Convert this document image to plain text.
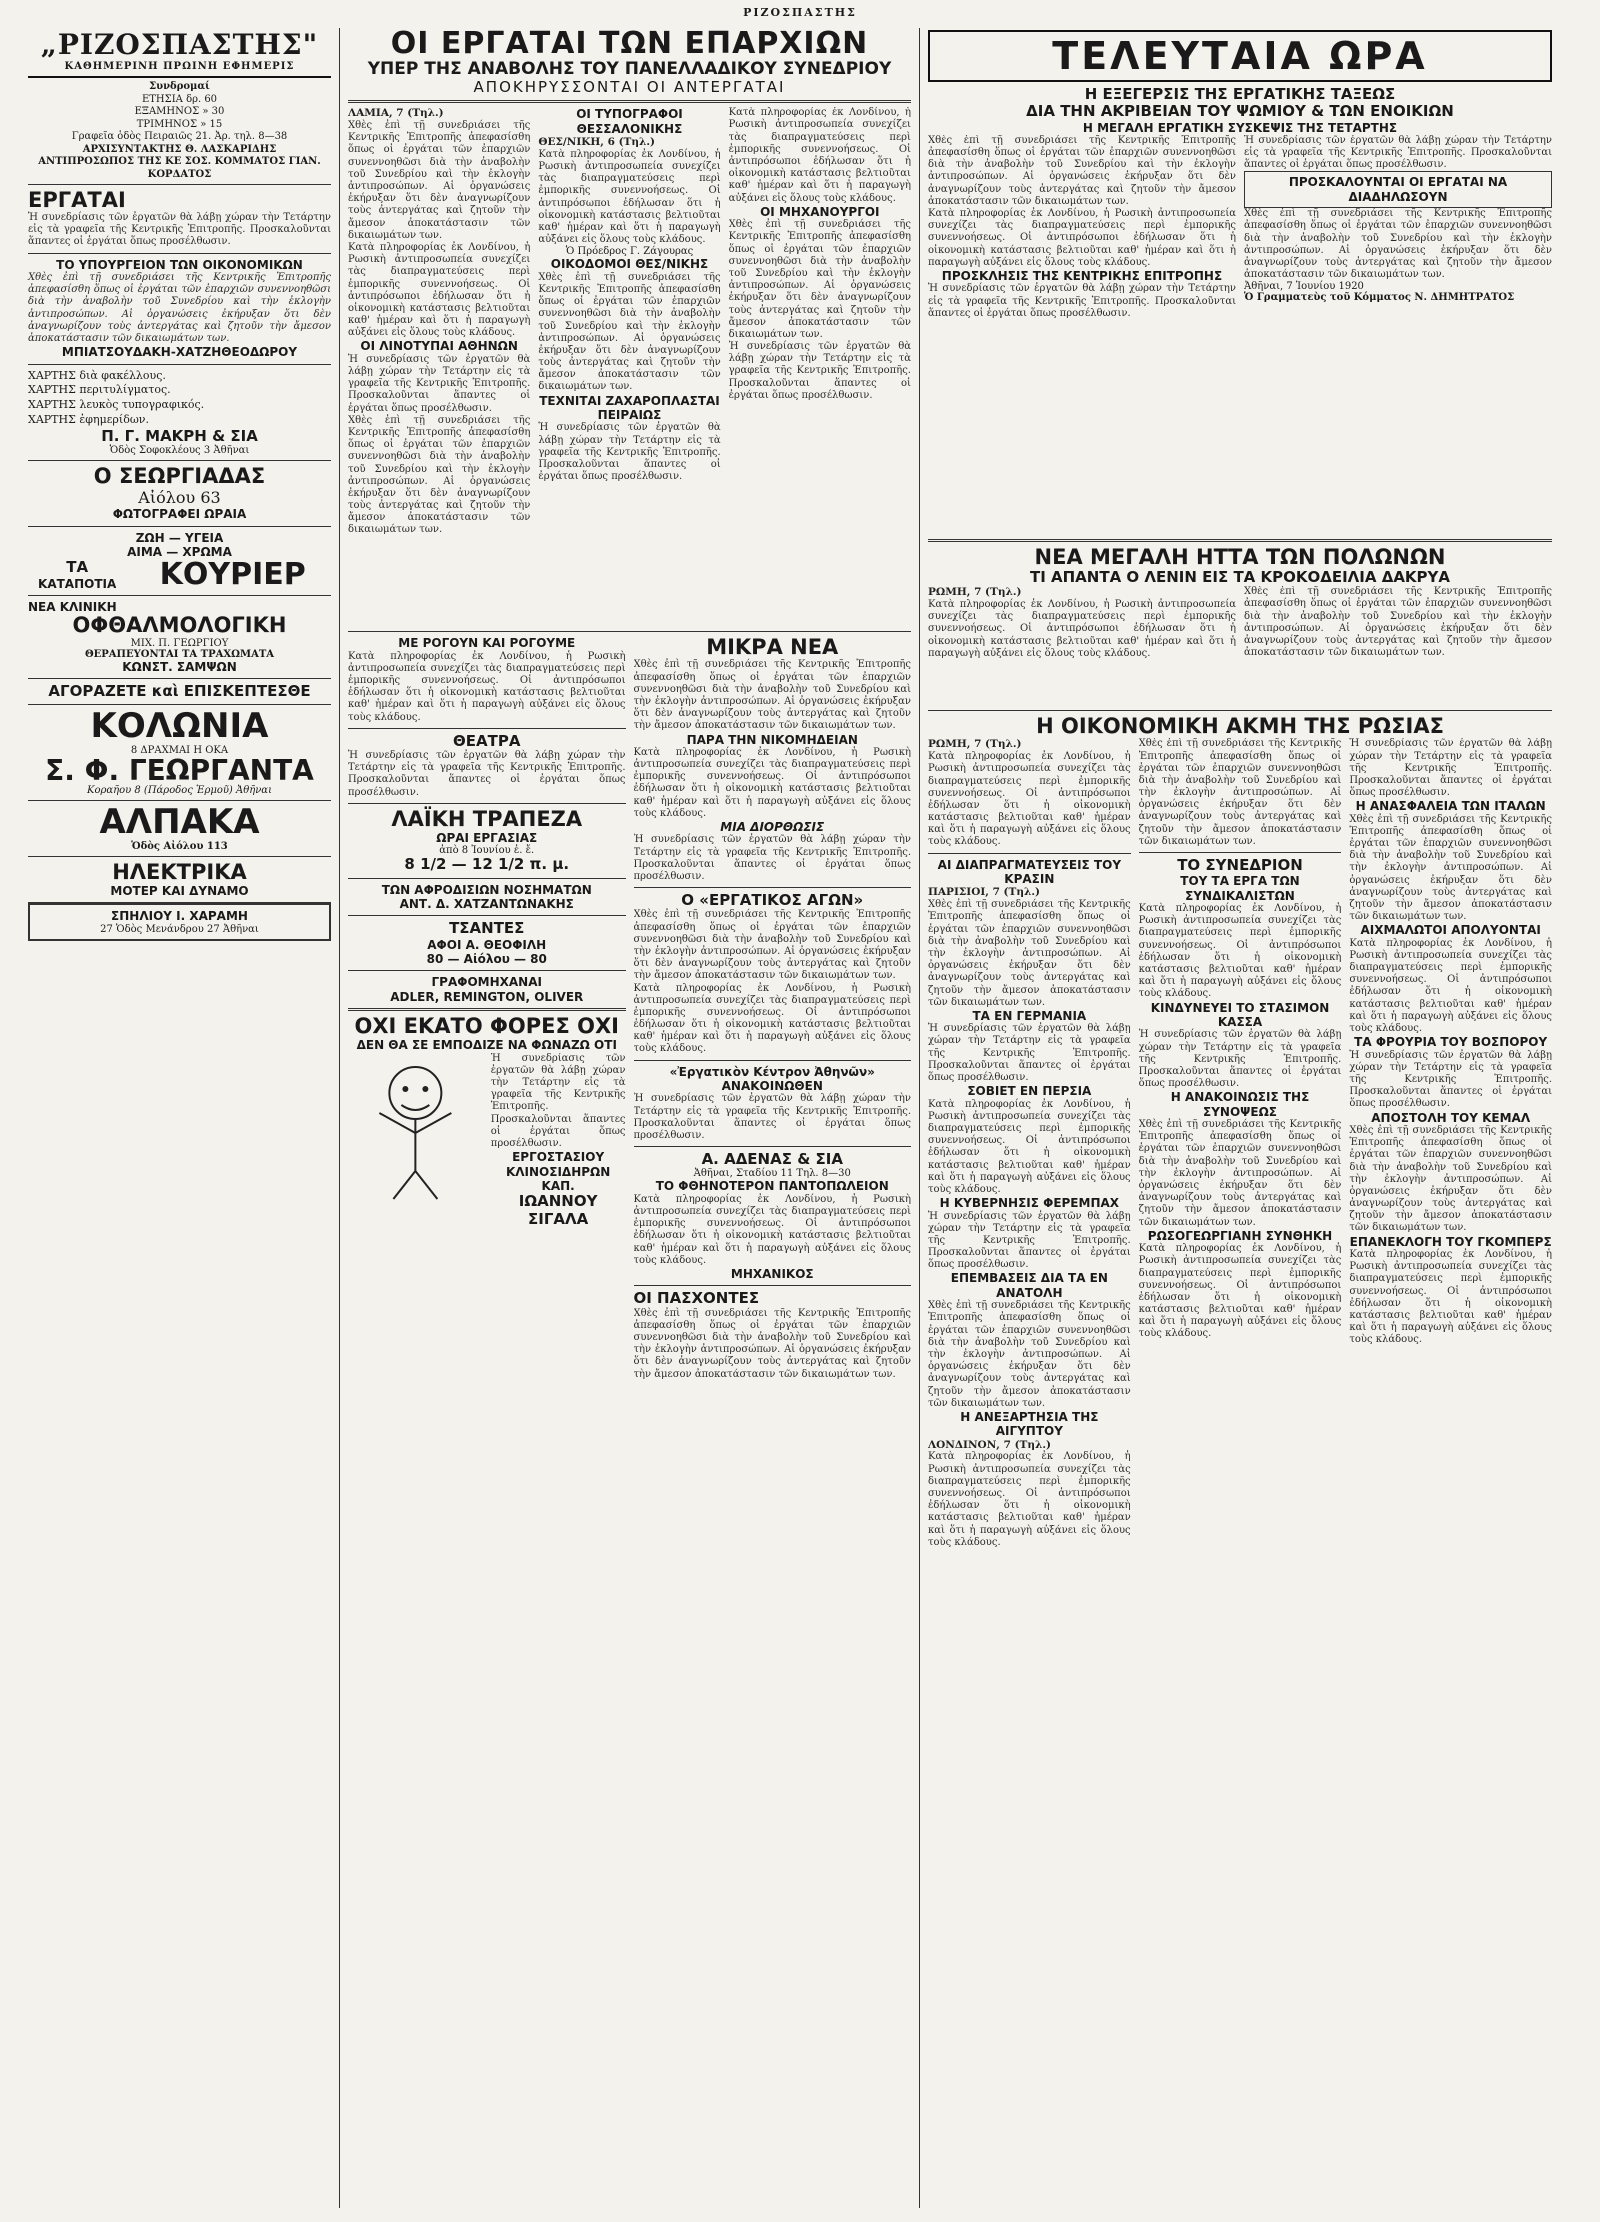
ΡΙΖΟΣΠΑΣΤΗΣ
„ΡΙΖΟΣΠΑΣΤΗΣ"
ΚΑΘΗΜΕΡΙΝΗ ΠΡΩΙΝΗ ΕΦΗΜΕΡΙΣ
Συνδρομαί
ΕΤΗΣΙΑ δρ. 60
ΕΞΑΜΗΝΟΣ » 30
ΤΡΙΜΗΝΟΣ » 15
Γραφεῖα ὁδὸς Πειραιῶς 21. Ἀρ. τηλ. 8—38
ΑΡΧΙΣΥΝΤΑΚΤΗΣ Θ. ΛΑΣΚΑΡΙΔΗΣ
ΑΝΤΙΠΡΟΣΩΠΟΣ ΤΗΣ ΚΕ ΣΟΣ. ΚΟΜΜΑΤΟΣ ΓΙΑΝ. ΚΟΡΔΑΤΟΣ
ΕΡΓΑΤΑΙ
Ἡ συνεδρίασις τῶν ἐργατῶν θὰ λάβῃ χώραν τὴν Τετάρτην εἰς τὰ γραφεῖα τῆς Κεντρικῆς Ἐπιτροπῆς. Προσκαλοῦνται ἅπαντες οἱ ἐργάται ὅπως προσέλθωσιν.
ΤΟ ΥΠΟΥΡΓΕΙΟΝ ΤΩΝ ΟΙΚΟΝΟΜΙΚΩΝ
Χθὲς ἐπὶ τῇ συνεδριάσει τῆς Κεντρικῆς Ἐπιτροπῆς ἀπεφασίσθη ὅπως οἱ ἐργάται τῶν ἐπαρχιῶν συνεννοηθῶσι διὰ τὴν ἀναβολὴν τοῦ Συνεδρίου καὶ τὴν ἐκλογὴν ἀντιπροσώπων. Αἱ ὀργανώσεις ἐκήρυξαν ὅτι δὲν ἀναγνωρίζουν τοὺς ἀντεργάτας καὶ ζητοῦν τὴν ἄμεσον ἀποκατάστασιν τῶν δικαιωμάτων των.
ΜΠΙΑΤΣΟΥΔΑΚΗ-ΧΑΤΖΗΘΕΟΔΩΡΟΥ
ΧΑΡΤΗΣ διὰ φακέλλους.
ΧΑΡΤΗΣ περιτυλίγματος.
ΧΑΡΤΗΣ λευκὸς τυπογραφικός.
ΧΑΡΤΗΣ ἐφημερίδων.
Π. Γ. ΜΑΚΡΗ & ΣΙΑ
Ὁδὸς Σοφοκλέους 3 Ἀθῆναι
Ο ΣΕΩΡΓΙΑΔΑΣ
Αἰόλου 63
ΦΩΤΟΓΡΑΦΕΙ ΩΡΑΙΑ
ΖΩΗ — ΥΓΕΙΑ
ΑΙΜΑ — ΧΡΩΜΑ
ΤΑ
ΚΑΤΑΠΟΤΙΑ	ΚΟΥΡΙΕΡ
ΝΕΑ ΚΛΙΝΙΚΗ
ΟΦΘΑΛΜΟΛΟΓΙΚΗ
ΜΙΧ. Π. ΓΕΩΡΓΙΟΥ
ΘΕΡΑΠΕΥΟΝΤΑΙ ΤΑ ΤΡΑΧΩΜΑΤΑ
ΚΩΝΣΤ. ΣΑΜΨΩΝ
ΑΓΟΡΑΖΕΤΕ καὶ ΕΠΙΣΚΕΠΤΕΣΘΕ
ΚΟΛΩΝΙΑ
8 ΔΡΑΧΜΑΙ Η ΟΚΑ
Σ. Φ. ΓΕΩΡΓΑΝΤΑ
Κοραῆου 8 (Πάροδος Ἑρμοῦ) Ἀθῆναι
ΑΛΠΑΚΑ
Ὁδὸς Αἰόλου 113
ΗΛΕΚΤΡΙΚΑ
ΜΟΤΕΡ ΚΑΙ ΔΥΝΑΜΟ
ΣΠΗΛΙΟΥ Ι. ΧΑΡΑΜΗ
27 Ὁδὸς Μενάνδρου 27 Ἀθῆναι
ΟΙ ΕΡΓΑΤΑΙ ΤΩΝ ΕΠΑΡΧΙΩΝ
ΥΠΕΡ ΤΗΣ ΑΝΑΒΟΛΗΣ ΤΟΥ ΠΑΝΕΛΛΑΔΙΚΟΥ ΣΥΝΕΔΡΙΟΥ
ΑΠΟΚΗΡΥΣΣΟΝΤΑΙ ΟΙ ΑΝΤΕΡΓΑΤΑΙ
ΛΑΜΙΑ, 7 (Τηλ.)
Χθὲς ἐπὶ τῇ συνεδριάσει τῆς Κεντρικῆς Ἐπιτροπῆς ἀπεφασίσθη ὅπως οἱ ἐργάται τῶν ἐπαρχιῶν συνεννοηθῶσι διὰ τὴν ἀναβολὴν τοῦ Συνεδρίου καὶ τὴν ἐκλογὴν ἀντιπροσώπων. Αἱ ὀργανώσεις ἐκήρυξαν ὅτι δὲν ἀναγνωρίζουν τοὺς ἀντεργάτας καὶ ζητοῦν τὴν ἄμεσον ἀποκατάστασιν τῶν δικαιωμάτων των.
Κατὰ πληροφορίας ἐκ Λονδίνου, ἡ Ρωσικὴ ἀντιπροσωπεία συνεχίζει τὰς διαπραγματεύσεις περὶ ἐμπορικῆς συνεννοήσεως. Οἱ ἀντιπρόσωποι ἐδήλωσαν ὅτι ἡ οἰκονομικὴ κατάστασις βελτιοῦται καθ' ἡμέραν καὶ ὅτι ἡ παραγωγὴ αὐξάνει εἰς ὅλους τοὺς κλάδους.
ΟΙ ΛΙΝΟΤΥΠΑΙ ΑΘΗΝΩΝ
Ἡ συνεδρίασις τῶν ἐργατῶν θὰ λάβῃ χώραν τὴν Τετάρτην εἰς τὰ γραφεῖα τῆς Κεντρικῆς Ἐπιτροπῆς. Προσκαλοῦνται ἅπαντες οἱ ἐργάται ὅπως προσέλθωσιν.
Χθὲς ἐπὶ τῇ συνεδριάσει τῆς Κεντρικῆς Ἐπιτροπῆς ἀπεφασίσθη ὅπως οἱ ἐργάται τῶν ἐπαρχιῶν συνεννοηθῶσι διὰ τὴν ἀναβολὴν τοῦ Συνεδρίου καὶ τὴν ἐκλογὴν ἀντιπροσώπων. Αἱ ὀργανώσεις ἐκήρυξαν ὅτι δὲν ἀναγνωρίζουν τοὺς ἀντεργάτας καὶ ζητοῦν τὴν ἄμεσον ἀποκατάστασιν τῶν δικαιωμάτων των.
ΟΙ ΤΥΠΟΓΡΑΦΟΙ ΘΕΣΣΑΛΟΝΙΚΗΣ
ΘΕΣ/ΝΙΚΗ, 6 (Τηλ.)
Κατὰ πληροφορίας ἐκ Λονδίνου, ἡ Ρωσικὴ ἀντιπροσωπεία συνεχίζει τὰς διαπραγματεύσεις περὶ ἐμπορικῆς συνεννοήσεως. Οἱ ἀντιπρόσωποι ἐδήλωσαν ὅτι ἡ οἰκονομικὴ κατάστασις βελτιοῦται καθ' ἡμέραν καὶ ὅτι ἡ παραγωγὴ αὐξάνει εἰς ὅλους τοὺς κλάδους.
Ὁ Πρόεδρος Γ. Ζάγουρας
ΟΙΚΟΔΟΜΟΙ ΘΕΣ/ΝΙΚΗΣ
Χθὲς ἐπὶ τῇ συνεδριάσει τῆς Κεντρικῆς Ἐπιτροπῆς ἀπεφασίσθη ὅπως οἱ ἐργάται τῶν ἐπαρχιῶν συνεννοηθῶσι διὰ τὴν ἀναβολὴν τοῦ Συνεδρίου καὶ τὴν ἐκλογὴν ἀντιπροσώπων. Αἱ ὀργανώσεις ἐκήρυξαν ὅτι δὲν ἀναγνωρίζουν τοὺς ἀντεργάτας καὶ ζητοῦν τὴν ἄμεσον ἀποκατάστασιν τῶν δικαιωμάτων των.
ΤΕΧΝΙΤΑΙ ΖΑΧΑΡΟΠΛΑΣΤΑΙ ΠΕΙΡΑΙΩΣ
Ἡ συνεδρίασις τῶν ἐργατῶν θὰ λάβῃ χώραν τὴν Τετάρτην εἰς τὰ γραφεῖα τῆς Κεντρικῆς Ἐπιτροπῆς. Προσκαλοῦνται ἅπαντες οἱ ἐργάται ὅπως προσέλθωσιν.
Κατὰ πληροφορίας ἐκ Λονδίνου, ἡ Ρωσικὴ ἀντιπροσωπεία συνεχίζει τὰς διαπραγματεύσεις περὶ ἐμπορικῆς συνεννοήσεως. Οἱ ἀντιπρόσωποι ἐδήλωσαν ὅτι ἡ οἰκονομικὴ κατάστασις βελτιοῦται καθ' ἡμέραν καὶ ὅτι ἡ παραγωγὴ αὐξάνει εἰς ὅλους τοὺς κλάδους.
ΟΙ ΜΗΧΑΝΟΥΡΓΟΙ
Χθὲς ἐπὶ τῇ συνεδριάσει τῆς Κεντρικῆς Ἐπιτροπῆς ἀπεφασίσθη ὅπως οἱ ἐργάται τῶν ἐπαρχιῶν συνεννοηθῶσι διὰ τὴν ἀναβολὴν τοῦ Συνεδρίου καὶ τὴν ἐκλογὴν ἀντιπροσώπων. Αἱ ὀργανώσεις ἐκήρυξαν ὅτι δὲν ἀναγνωρίζουν τοὺς ἀντεργάτας καὶ ζητοῦν τὴν ἄμεσον ἀποκατάστασιν τῶν δικαιωμάτων των.
Ἡ συνεδρίασις τῶν ἐργατῶν θὰ λάβῃ χώραν τὴν Τετάρτην εἰς τὰ γραφεῖα τῆς Κεντρικῆς Ἐπιτροπῆς. Προσκαλοῦνται ἅπαντες οἱ ἐργάται ὅπως προσέλθωσιν.
ΜΕ ΡΟΓΟΥΝ ΚΑΙ ΡΟΓΟΥΜΕ
Κατὰ πληροφορίας ἐκ Λονδίνου, ἡ Ρωσικὴ ἀντιπροσωπεία συνεχίζει τὰς διαπραγματεύσεις περὶ ἐμπορικῆς συνεννοήσεως. Οἱ ἀντιπρόσωποι ἐδήλωσαν ὅτι ἡ οἰκονομικὴ κατάστασις βελτιοῦται καθ' ἡμέραν καὶ ὅτι ἡ παραγωγὴ αὐξάνει εἰς ὅλους τοὺς κλάδους.
ΘΕΑΤΡΑ
Ἡ συνεδρίασις τῶν ἐργατῶν θὰ λάβῃ χώραν τὴν Τετάρτην εἰς τὰ γραφεῖα τῆς Κεντρικῆς Ἐπιτροπῆς. Προσκαλοῦνται ἅπαντες οἱ ἐργάται ὅπως προσέλθωσιν.
ΛΑΪΚΗ ΤΡΑΠΕΖΑ
ΩΡΑΙ ΕΡΓΑΣΙΑΣ
ἀπὸ 8 Ἰουνίου ἐ. ἔ.
8 1/2 — 12 1/2 π. μ.
ΤΩΝ ΑΦΡΟΔΙΣΙΩΝ ΝΟΣΗΜΑΤΩΝ
ΑΝΤ. Δ. ΧΑΤΖΑΝΤΩΝΑΚΗΣ
ΤΣΑΝΤΕΣ
ΑΦΟΙ Α. ΘΕΟΦΙΛΗ
80 — Αἰόλου — 80
ΓΡΑΦΟΜΗΧΑΝΑΙ
ADLER, REMINGTON, OLIVER
ΟΧΙ ΕΚΑΤΟ ΦΟΡΕΣ ΟΧΙ
ΔΕΝ ΘΑ ΣΕ ΕΜΠΟΔΙΖΕ ΝΑ ΦΩΝΑΖΩ ΟΤΙ
Ἡ συνεδρίασις τῶν ἐργατῶν θὰ λάβῃ χώραν τὴν Τετάρτην εἰς τὰ γραφεῖα τῆς Κεντρικῆς Ἐπιτροπῆς. Προσκαλοῦνται ἅπαντες οἱ ἐργάται ὅπως προσέλθωσιν.
ΕΡΓΟΣΤΑΣΙΟΥ ΚΛΙΝΟΣΙΔΗΡΩΝ ΚΑΠ.
ΙΩΑΝΝΟΥ ΣΙΓΑΛΑ
ΜΙΚΡΑ ΝΕΑ
Χθὲς ἐπὶ τῇ συνεδριάσει τῆς Κεντρικῆς Ἐπιτροπῆς ἀπεφασίσθη ὅπως οἱ ἐργάται τῶν ἐπαρχιῶν συνεννοηθῶσι διὰ τὴν ἀναβολὴν τοῦ Συνεδρίου καὶ τὴν ἐκλογὴν ἀντιπροσώπων. Αἱ ὀργανώσεις ἐκήρυξαν ὅτι δὲν ἀναγνωρίζουν τοὺς ἀντεργάτας καὶ ζητοῦν τὴν ἄμεσον ἀποκατάστασιν τῶν δικαιωμάτων των.
ΠΑΡΑ ΤΗΝ ΝΙΚΟΜΗΔΕΙΑΝ
Κατὰ πληροφορίας ἐκ Λονδίνου, ἡ Ρωσικὴ ἀντιπροσωπεία συνεχίζει τὰς διαπραγματεύσεις περὶ ἐμπορικῆς συνεννοήσεως. Οἱ ἀντιπρόσωποι ἐδήλωσαν ὅτι ἡ οἰκονομικὴ κατάστασις βελτιοῦται καθ' ἡμέραν καὶ ὅτι ἡ παραγωγὴ αὐξάνει εἰς ὅλους τοὺς κλάδους.
ΜΙΑ ΔΙΟΡΘΩΣΙΣ
Ἡ συνεδρίασις τῶν ἐργατῶν θὰ λάβῃ χώραν τὴν Τετάρτην εἰς τὰ γραφεῖα τῆς Κεντρικῆς Ἐπιτροπῆς. Προσκαλοῦνται ἅπαντες οἱ ἐργάται ὅπως προσέλθωσιν.
Ο «ΕΡΓΑΤΙΚΟΣ ΑΓΩΝ»
Χθὲς ἐπὶ τῇ συνεδριάσει τῆς Κεντρικῆς Ἐπιτροπῆς ἀπεφασίσθη ὅπως οἱ ἐργάται τῶν ἐπαρχιῶν συνεννοηθῶσι διὰ τὴν ἀναβολὴν τοῦ Συνεδρίου καὶ τὴν ἐκλογὴν ἀντιπροσώπων. Αἱ ὀργανώσεις ἐκήρυξαν ὅτι δὲν ἀναγνωρίζουν τοὺς ἀντεργάτας καὶ ζητοῦν τὴν ἄμεσον ἀποκατάστασιν τῶν δικαιωμάτων των.
Κατὰ πληροφορίας ἐκ Λονδίνου, ἡ Ρωσικὴ ἀντιπροσωπεία συνεχίζει τὰς διαπραγματεύσεις περὶ ἐμπορικῆς συνεννοήσεως. Οἱ ἀντιπρόσωποι ἐδήλωσαν ὅτι ἡ οἰκονομικὴ κατάστασις βελτιοῦται καθ' ἡμέραν καὶ ὅτι ἡ παραγωγὴ αὐξάνει εἰς ὅλους τοὺς κλάδους.
«Ἐργατικὸν Κέντρον Ἀθηνῶν»
ΑΝΑΚΟΙΝΩΘΕΝ
Ἡ συνεδρίασις τῶν ἐργατῶν θὰ λάβῃ χώραν τὴν Τετάρτην εἰς τὰ γραφεῖα τῆς Κεντρικῆς Ἐπιτροπῆς. Προσκαλοῦνται ἅπαντες οἱ ἐργάται ὅπως προσέλθωσιν.
Α. ΑΔΕΝΑΣ & ΣΙΑ
Ἀθῆναι, Σταδίου 11 Τηλ. 8—30
ΤΟ ΦΘΗΝΟΤΕΡΟΝ ΠΑΝΤΟΠΩΛΕΙΟΝ
Κατὰ πληροφορίας ἐκ Λονδίνου, ἡ Ρωσικὴ ἀντιπροσωπεία συνεχίζει τὰς διαπραγματεύσεις περὶ ἐμπορικῆς συνεννοήσεως. Οἱ ἀντιπρόσωποι ἐδήλωσαν ὅτι ἡ οἰκονομικὴ κατάστασις βελτιοῦται καθ' ἡμέραν καὶ ὅτι ἡ παραγωγὴ αὐξάνει εἰς ὅλους τοὺς κλάδους.
ΜΗΧΑΝΙΚΟΣ
ΟΙ ΠΑΣΧΟΝΤΕΣ
Χθὲς ἐπὶ τῇ συνεδριάσει τῆς Κεντρικῆς Ἐπιτροπῆς ἀπεφασίσθη ὅπως οἱ ἐργάται τῶν ἐπαρχιῶν συνεννοηθῶσι διὰ τὴν ἀναβολὴν τοῦ Συνεδρίου καὶ τὴν ἐκλογὴν ἀντιπροσώπων. Αἱ ὀργανώσεις ἐκήρυξαν ὅτι δὲν ἀναγνωρίζουν τοὺς ἀντεργάτας καὶ ζητοῦν τὴν ἄμεσον ἀποκατάστασιν τῶν δικαιωμάτων των.
ΤΕΛΕΥΤΑΙΑ ΩΡΑ
Η ΕΞΕΓΕΡΣΙΣ ΤΗΣ ΕΡΓΑΤΙΚΗΣ ΤΑΞΕΩΣ
ΔΙΑ ΤΗΝ ΑΚΡΙΒΕΙΑΝ ΤΟΥ ΨΩΜΙΟΥ & ΤΩΝ ΕΝΟΙΚΙΩΝ
Η ΜΕΓΑΛΗ ΕΡΓΑΤΙΚΗ ΣΥΣΚΕΨΙΣ ΤΗΣ ΤΕΤΑΡΤΗΣ
Χθὲς ἐπὶ τῇ συνεδριάσει τῆς Κεντρικῆς Ἐπιτροπῆς ἀπεφασίσθη ὅπως οἱ ἐργάται τῶν ἐπαρχιῶν συνεννοηθῶσι διὰ τὴν ἀναβολὴν τοῦ Συνεδρίου καὶ τὴν ἐκλογὴν ἀντιπροσώπων. Αἱ ὀργανώσεις ἐκήρυξαν ὅτι δὲν ἀναγνωρίζουν τοὺς ἀντεργάτας καὶ ζητοῦν τὴν ἄμεσον ἀποκατάστασιν τῶν δικαιωμάτων των.
Κατὰ πληροφορίας ἐκ Λονδίνου, ἡ Ρωσικὴ ἀντιπροσωπεία συνεχίζει τὰς διαπραγματεύσεις περὶ ἐμπορικῆς συνεννοήσεως. Οἱ ἀντιπρόσωποι ἐδήλωσαν ὅτι ἡ οἰκονομικὴ κατάστασις βελτιοῦται καθ' ἡμέραν καὶ ὅτι ἡ παραγωγὴ αὐξάνει εἰς ὅλους τοὺς κλάδους.
ΠΡΟΣΚΛΗΣΙΣ ΤΗΣ ΚΕΝΤΡΙΚΗΣ ΕΠΙΤΡΟΠΗΣ
Ἡ συνεδρίασις τῶν ἐργατῶν θὰ λάβῃ χώραν τὴν Τετάρτην εἰς τὰ γραφεῖα τῆς Κεντρικῆς Ἐπιτροπῆς. Προσκαλοῦνται ἅπαντες οἱ ἐργάται ὅπως προσέλθωσιν.
Ἡ συνεδρίασις τῶν ἐργατῶν θὰ λάβῃ χώραν τὴν Τετάρτην εἰς τὰ γραφεῖα τῆς Κεντρικῆς Ἐπιτροπῆς. Προσκαλοῦνται ἅπαντες οἱ ἐργάται ὅπως προσέλθωσιν.
ΠΡΟΣΚΑΛΟΥΝΤΑΙ ΟΙ ΕΡΓΑΤΑΙ ΝΑ ΔΙΑΔΗΛΩΣΟΥΝ
Χθὲς ἐπὶ τῇ συνεδριάσει τῆς Κεντρικῆς Ἐπιτροπῆς ἀπεφασίσθη ὅπως οἱ ἐργάται τῶν ἐπαρχιῶν συνεννοηθῶσι διὰ τὴν ἀναβολὴν τοῦ Συνεδρίου καὶ τὴν ἐκλογὴν ἀντιπροσώπων. Αἱ ὀργανώσεις ἐκήρυξαν ὅτι δὲν ἀναγνωρίζουν τοὺς ἀντεργάτας καὶ ζητοῦν τὴν ἄμεσον ἀποκατάστασιν τῶν δικαιωμάτων των.
Ἀθῆναι, 7 Ἰουνίου 1920
Ὁ Γραμματεὺς τοῦ Κόμματος Ν. ΔΗΜΗΤΡΑΤΟΣ
ΝΕΑ ΜΕΓΑΛΗ ΗΤΤΑ ΤΩΝ ΠΟΛΩΝΩΝ
ΤΙ ΑΠΑΝΤΑ Ο ΛΕΝΙΝ ΕΙΣ ΤΑ ΚΡΟΚΟΔΕΙΛΙΑ ΔΑΚΡΥΑ
ΡΩΜΗ, 7 (Τηλ.)
Κατὰ πληροφορίας ἐκ Λονδίνου, ἡ Ρωσικὴ ἀντιπροσωπεία συνεχίζει τὰς διαπραγματεύσεις περὶ ἐμπορικῆς συνεννοήσεως. Οἱ ἀντιπρόσωποι ἐδήλωσαν ὅτι ἡ οἰκονομικὴ κατάστασις βελτιοῦται καθ' ἡμέραν καὶ ὅτι ἡ παραγωγὴ αὐξάνει εἰς ὅλους τοὺς κλάδους.
Χθὲς ἐπὶ τῇ συνεδριάσει τῆς Κεντρικῆς Ἐπιτροπῆς ἀπεφασίσθη ὅπως οἱ ἐργάται τῶν ἐπαρχιῶν συνεννοηθῶσι διὰ τὴν ἀναβολὴν τοῦ Συνεδρίου καὶ τὴν ἐκλογὴν ἀντιπροσώπων. Αἱ ὀργανώσεις ἐκήρυξαν ὅτι δὲν ἀναγνωρίζουν τοὺς ἀντεργάτας καὶ ζητοῦν τὴν ἄμεσον ἀποκατάστασιν τῶν δικαιωμάτων των.
Η ΟΙΚΟΝΟΜΙΚΗ ΑΚΜΗ ΤΗΣ ΡΩΣΙΑΣ
ΡΩΜΗ, 7 (Τηλ.)
Κατὰ πληροφορίας ἐκ Λονδίνου, ἡ Ρωσικὴ ἀντιπροσωπεία συνεχίζει τὰς διαπραγματεύσεις περὶ ἐμπορικῆς συνεννοήσεως. Οἱ ἀντιπρόσωποι ἐδήλωσαν ὅτι ἡ οἰκονομικὴ κατάστασις βελτιοῦται καθ' ἡμέραν καὶ ὅτι ἡ παραγωγὴ αὐξάνει εἰς ὅλους τοὺς κλάδους.
ΑΙ ΔΙΑΠΡΑΓΜΑΤΕΥΣΕΙΣ ΤΟΥ ΚΡΑΣΙΝ
ΠΑΡΙΣΙΟΙ, 7 (Τηλ.)
Χθὲς ἐπὶ τῇ συνεδριάσει τῆς Κεντρικῆς Ἐπιτροπῆς ἀπεφασίσθη ὅπως οἱ ἐργάται τῶν ἐπαρχιῶν συνεννοηθῶσι διὰ τὴν ἀναβολὴν τοῦ Συνεδρίου καὶ τὴν ἐκλογὴν ἀντιπροσώπων. Αἱ ὀργανώσεις ἐκήρυξαν ὅτι δὲν ἀναγνωρίζουν τοὺς ἀντεργάτας καὶ ζητοῦν τὴν ἄμεσον ἀποκατάστασιν τῶν δικαιωμάτων των.
ΤΑ ΕΝ ΓΕΡΜΑΝΙΑ
Ἡ συνεδρίασις τῶν ἐργατῶν θὰ λάβῃ χώραν τὴν Τετάρτην εἰς τὰ γραφεῖα τῆς Κεντρικῆς Ἐπιτροπῆς. Προσκαλοῦνται ἅπαντες οἱ ἐργάται ὅπως προσέλθωσιν.
ΣΟΒΙΕΤ ΕΝ ΠΕΡΣΙΑ
Κατὰ πληροφορίας ἐκ Λονδίνου, ἡ Ρωσικὴ ἀντιπροσωπεία συνεχίζει τὰς διαπραγματεύσεις περὶ ἐμπορικῆς συνεννοήσεως. Οἱ ἀντιπρόσωποι ἐδήλωσαν ὅτι ἡ οἰκονομικὴ κατάστασις βελτιοῦται καθ' ἡμέραν καὶ ὅτι ἡ παραγωγὴ αὐξάνει εἰς ὅλους τοὺς κλάδους.
Η ΚΥΒΕΡΝΗΣΙΣ ΦΕΡΕΜΠΑΧ
Ἡ συνεδρίασις τῶν ἐργατῶν θὰ λάβῃ χώραν τὴν Τετάρτην εἰς τὰ γραφεῖα τῆς Κεντρικῆς Ἐπιτροπῆς. Προσκαλοῦνται ἅπαντες οἱ ἐργάται ὅπως προσέλθωσιν.
ΕΠΕΜΒΑΣΕΙΣ ΔΙΑ ΤΑ ΕΝ ΑΝΑΤΟΛΗ
Χθὲς ἐπὶ τῇ συνεδριάσει τῆς Κεντρικῆς Ἐπιτροπῆς ἀπεφασίσθη ὅπως οἱ ἐργάται τῶν ἐπαρχιῶν συνεννοηθῶσι διὰ τὴν ἀναβολὴν τοῦ Συνεδρίου καὶ τὴν ἐκλογὴν ἀντιπροσώπων. Αἱ ὀργανώσεις ἐκήρυξαν ὅτι δὲν ἀναγνωρίζουν τοὺς ἀντεργάτας καὶ ζητοῦν τὴν ἄμεσον ἀποκατάστασιν τῶν δικαιωμάτων των.
Η ΑΝΕΞΑΡΤΗΣΙΑ ΤΗΣ ΑΙΓΥΠΤΟΥ
ΛΟΝΔΙΝΟΝ, 7 (Τηλ.)
Κατὰ πληροφορίας ἐκ Λονδίνου, ἡ Ρωσικὴ ἀντιπροσωπεία συνεχίζει τὰς διαπραγματεύσεις περὶ ἐμπορικῆς συνεννοήσεως. Οἱ ἀντιπρόσωποι ἐδήλωσαν ὅτι ἡ οἰκονομικὴ κατάστασις βελτιοῦται καθ' ἡμέραν καὶ ὅτι ἡ παραγωγὴ αὐξάνει εἰς ὅλους τοὺς κλάδους.
Χθὲς ἐπὶ τῇ συνεδριάσει τῆς Κεντρικῆς Ἐπιτροπῆς ἀπεφασίσθη ὅπως οἱ ἐργάται τῶν ἐπαρχιῶν συνεννοηθῶσι διὰ τὴν ἀναβολὴν τοῦ Συνεδρίου καὶ τὴν ἐκλογὴν ἀντιπροσώπων. Αἱ ὀργανώσεις ἐκήρυξαν ὅτι δὲν ἀναγνωρίζουν τοὺς ἀντεργάτας καὶ ζητοῦν τὴν ἄμεσον ἀποκατάστασιν τῶν δικαιωμάτων των.
ΤΟ ΣΥΝΕΔΡΙΟΝ
ΤΟΥ ΤΑ ΕΡΓΑ ΤΩΝ ΣΥΝΔΙΚΑΛΙΣΤΩΝ
Κατὰ πληροφορίας ἐκ Λονδίνου, ἡ Ρωσικὴ ἀντιπροσωπεία συνεχίζει τὰς διαπραγματεύσεις περὶ ἐμπορικῆς συνεννοήσεως. Οἱ ἀντιπρόσωποι ἐδήλωσαν ὅτι ἡ οἰκονομικὴ κατάστασις βελτιοῦται καθ' ἡμέραν καὶ ὅτι ἡ παραγωγὴ αὐξάνει εἰς ὅλους τοὺς κλάδους.
ΚΙΝΔΥΝΕΥΕΙ ΤΟ ΣΤΑΣΙΜΟΝ ΚΑΣΣΑ
Ἡ συνεδρίασις τῶν ἐργατῶν θὰ λάβῃ χώραν τὴν Τετάρτην εἰς τὰ γραφεῖα τῆς Κεντρικῆς Ἐπιτροπῆς. Προσκαλοῦνται ἅπαντες οἱ ἐργάται ὅπως προσέλθωσιν.
Η ΑΝΑΚΟΙΝΩΣΙΣ ΤΗΣ ΣΥΝΟΨΕΩΣ
Χθὲς ἐπὶ τῇ συνεδριάσει τῆς Κεντρικῆς Ἐπιτροπῆς ἀπεφασίσθη ὅπως οἱ ἐργάται τῶν ἐπαρχιῶν συνεννοηθῶσι διὰ τὴν ἀναβολὴν τοῦ Συνεδρίου καὶ τὴν ἐκλογὴν ἀντιπροσώπων. Αἱ ὀργανώσεις ἐκήρυξαν ὅτι δὲν ἀναγνωρίζουν τοὺς ἀντεργάτας καὶ ζητοῦν τὴν ἄμεσον ἀποκατάστασιν τῶν δικαιωμάτων των.
ΡΩΣΟΓΕΩΡΓΙΑΝΗ ΣΥΝΘΗΚΗ
Κατὰ πληροφορίας ἐκ Λονδίνου, ἡ Ρωσικὴ ἀντιπροσωπεία συνεχίζει τὰς διαπραγματεύσεις περὶ ἐμπορικῆς συνεννοήσεως. Οἱ ἀντιπρόσωποι ἐδήλωσαν ὅτι ἡ οἰκονομικὴ κατάστασις βελτιοῦται καθ' ἡμέραν καὶ ὅτι ἡ παραγωγὴ αὐξάνει εἰς ὅλους τοὺς κλάδους.
Ἡ συνεδρίασις τῶν ἐργατῶν θὰ λάβῃ χώραν τὴν Τετάρτην εἰς τὰ γραφεῖα τῆς Κεντρικῆς Ἐπιτροπῆς. Προσκαλοῦνται ἅπαντες οἱ ἐργάται ὅπως προσέλθωσιν.
Η ΑΝΑΣΦΑΛΕΙΑ ΤΩΝ ΙΤΑΛΩΝ
Χθὲς ἐπὶ τῇ συνεδριάσει τῆς Κεντρικῆς Ἐπιτροπῆς ἀπεφασίσθη ὅπως οἱ ἐργάται τῶν ἐπαρχιῶν συνεννοηθῶσι διὰ τὴν ἀναβολὴν τοῦ Συνεδρίου καὶ τὴν ἐκλογὴν ἀντιπροσώπων. Αἱ ὀργανώσεις ἐκήρυξαν ὅτι δὲν ἀναγνωρίζουν τοὺς ἀντεργάτας καὶ ζητοῦν τὴν ἄμεσον ἀποκατάστασιν τῶν δικαιωμάτων των.
ΑΙΧΜΑΛΩΤΟΙ ΑΠΟΛΥΟΝΤΑΙ
Κατὰ πληροφορίας ἐκ Λονδίνου, ἡ Ρωσικὴ ἀντιπροσωπεία συνεχίζει τὰς διαπραγματεύσεις περὶ ἐμπορικῆς συνεννοήσεως. Οἱ ἀντιπρόσωποι ἐδήλωσαν ὅτι ἡ οἰκονομικὴ κατάστασις βελτιοῦται καθ' ἡμέραν καὶ ὅτι ἡ παραγωγὴ αὐξάνει εἰς ὅλους τοὺς κλάδους.
ΤΑ ΦΡΟΥΡΙΑ ΤΟΥ ΒΟΣΠΟΡΟΥ
Ἡ συνεδρίασις τῶν ἐργατῶν θὰ λάβῃ χώραν τὴν Τετάρτην εἰς τὰ γραφεῖα τῆς Κεντρικῆς Ἐπιτροπῆς. Προσκαλοῦνται ἅπαντες οἱ ἐργάται ὅπως προσέλθωσιν.
ΑΠΟΣΤΟΛΗ ΤΟΥ ΚΕΜΑΛ
Χθὲς ἐπὶ τῇ συνεδριάσει τῆς Κεντρικῆς Ἐπιτροπῆς ἀπεφασίσθη ὅπως οἱ ἐργάται τῶν ἐπαρχιῶν συνεννοηθῶσι διὰ τὴν ἀναβολὴν τοῦ Συνεδρίου καὶ τὴν ἐκλογὴν ἀντιπροσώπων. Αἱ ὀργανώσεις ἐκήρυξαν ὅτι δὲν ἀναγνωρίζουν τοὺς ἀντεργάτας καὶ ζητοῦν τὴν ἄμεσον ἀποκατάστασιν τῶν δικαιωμάτων των.
ΕΠΑΝΕΚΛΟΓΗ ΤΟΥ ΓΚΟΜΠΕΡΣ
Κατὰ πληροφορίας ἐκ Λονδίνου, ἡ Ρωσικὴ ἀντιπροσωπεία συνεχίζει τὰς διαπραγματεύσεις περὶ ἐμπορικῆς συνεννοήσεως. Οἱ ἀντιπρόσωποι ἐδήλωσαν ὅτι ἡ οἰκονομικὴ κατάστασις βελτιοῦται καθ' ἡμέραν καὶ ὅτι ἡ παραγωγὴ αὐξάνει εἰς ὅλους τοὺς κλάδους.
